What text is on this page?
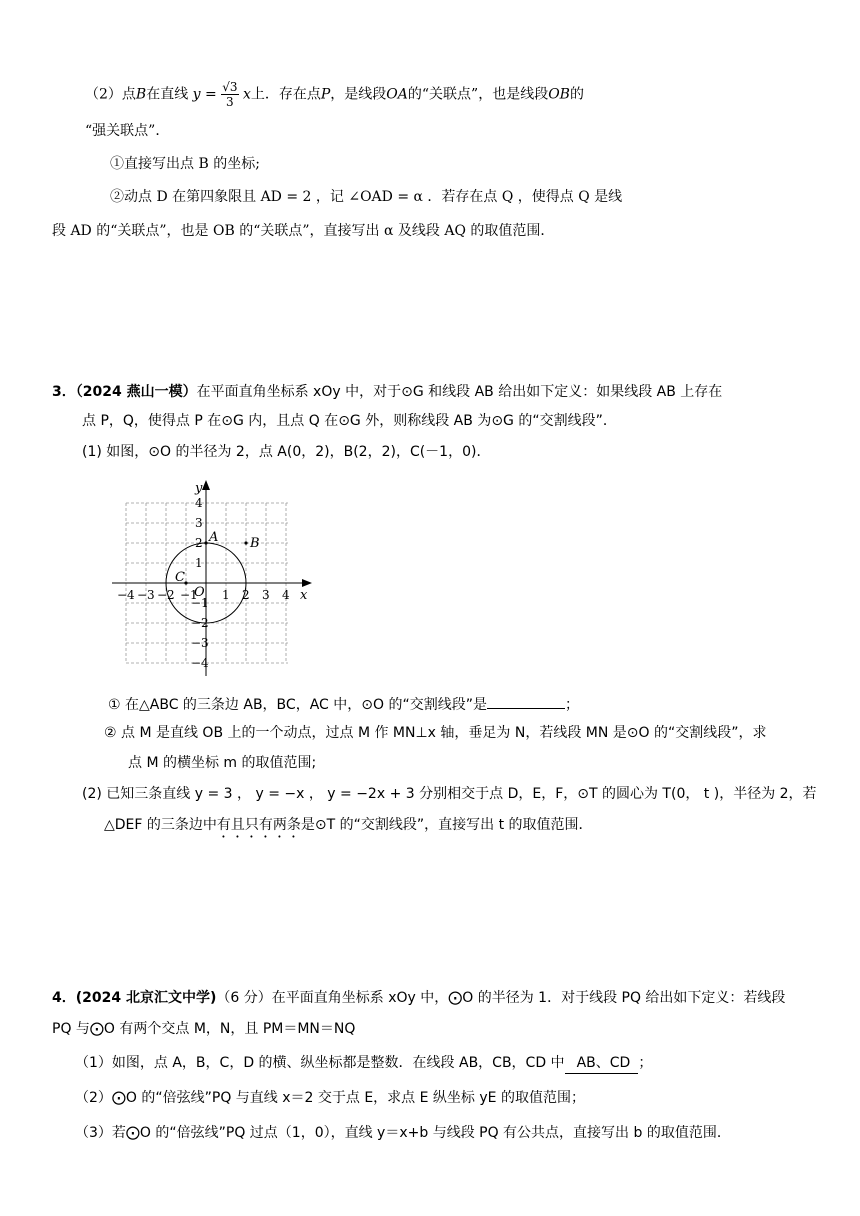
（2）点B在直线 $y = \frac{√3}{3}$ x上．存在点P，是线段OA的“关联点”，也是线段OB的
“强关联点”．
①直接写出点 B 的坐标;
②动点 D 在第四象限且 AD = 2 ，记 ∠OAD = α ．若存在点 Q ，使得点 Q 是线
段 AD 的“关联点”，也是 OB 的“关联点”，直接写出 α 及线段 AQ 的取值范围．
3．（2024 燕山一模）在平面直角坐标系 xOy 中，对于⊙G 和线段 AB 给出如下定义：如果线段 AB 上存在
点 P，Q，使得点 P 在⊙G 内，且点 Q 在⊙G 外，则称线段 AB 为⊙G 的“交割线段”．
(1) 如图，⊙O 的半径为 2，点 A(0，2)，B(2，2)，C(－1，0)．
A B
C
O	x
y
−4 −3 −2 −1 1 2 3 4
4
3
2
1
−1
−2
−3
−4
① 在△ABC 的三条边 AB，BC，AC 中，⊙O 的“交割线段”是	；
② 点 M 是直线 OB 上的一个动点，过点 M 作 MN⊥x 轴，垂足为 N，若线段 MN 是⊙O 的“交割线段”，求
点 M 的横坐标 m 的取值范围;
(2) 已知三条直线 y = 3 ， y = −x ， y = −2x + 3 分别相交于点 D，E，F，⊙T 的圆心为 T(0， t )，半径为 2，若
△DEF 的三条边中有且只有两条是⊙T 的“交割线段”，直接写出 t 的取值范围．
4．(2024 北京汇文中学)（6 分）在平面直角坐标系 xOy 中，⨀O 的半径为 1．对于线段 PQ 给出如下定义：若线段
PQ 与⨀O 有两个交点 M，N，且 PM＝MN＝NQ
（1）如图，点 A，B，C，D 的横、纵坐标都是整数．在线段 AB，CB，CD 中 AB、CD ；
（2）⨀O 的“倍弦线”PQ 与直线 x＝2 交于点 E，求点 E 纵坐标 yE 的取值范围；
（3）若⨀O 的“倍弦线”PQ 过点（1，0），直线 y＝x+b 与线段 PQ 有公共点，直接写出 b 的取值范围．
